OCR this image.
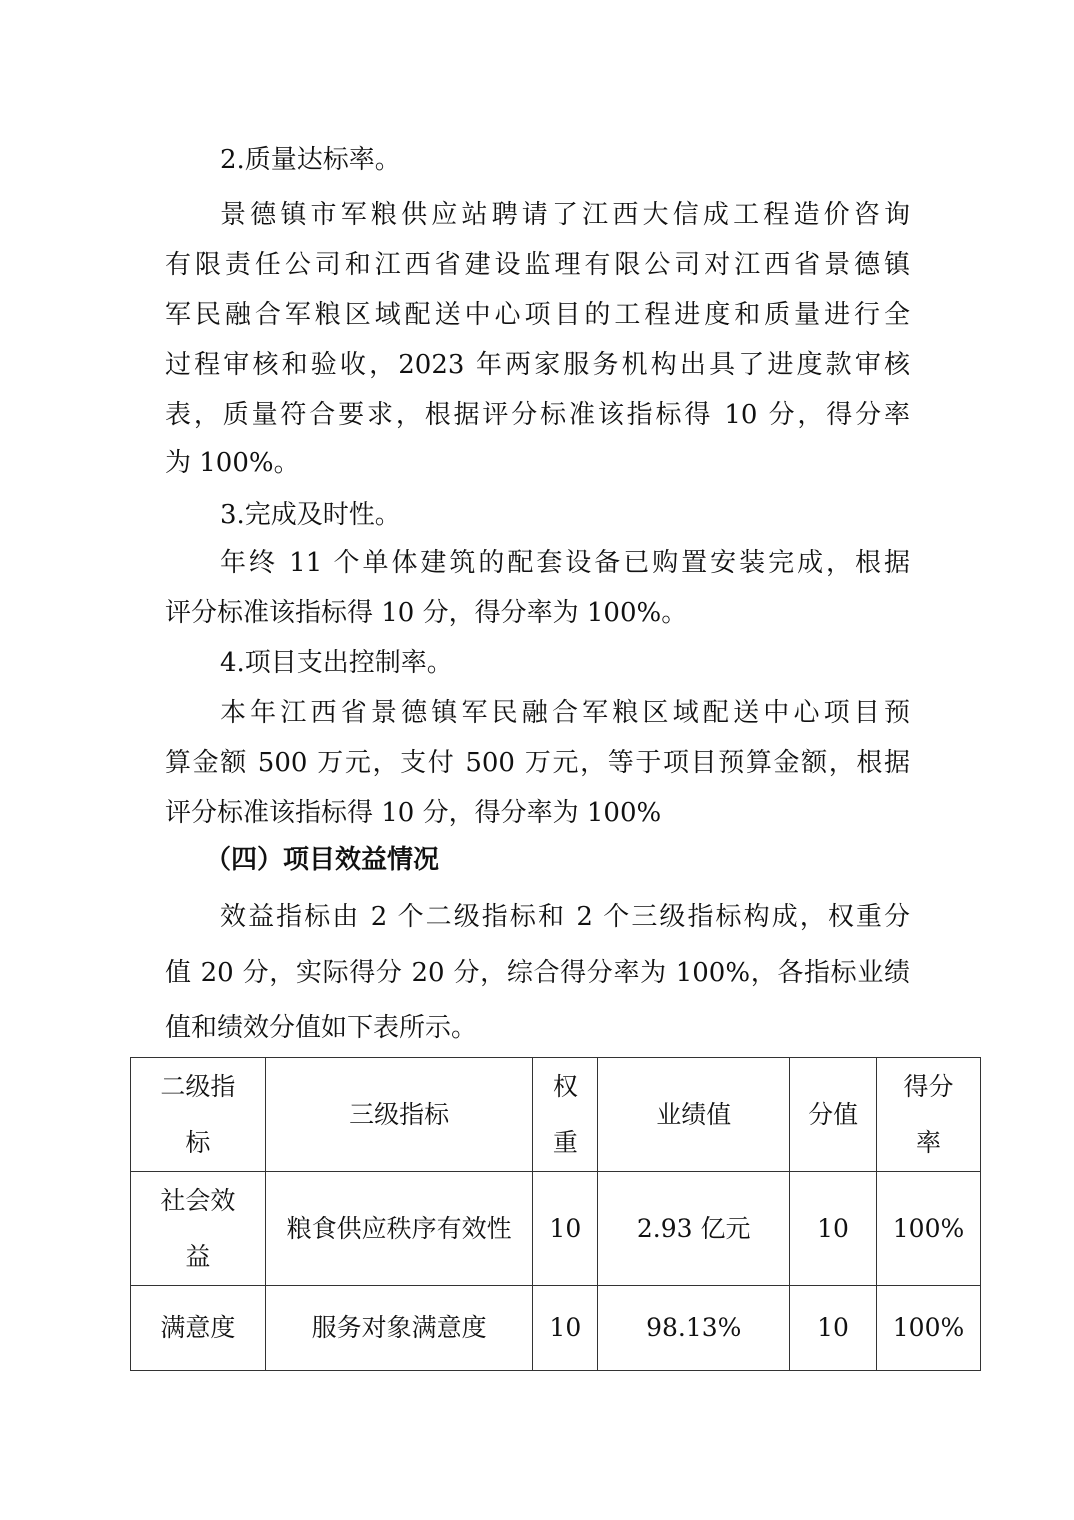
2.质量达标率。
景德镇市军粮供应站聘请了江西大信成工程造价咨询
有限责任公司和江西省建设监理有限公司对江西省景德镇
军民融合军粮区域配送中心项目的工程进度和质量进行全
过程审核和验收，2023 年两家服务机构出具了进度款审核
表，质量符合要求，根据评分标准该指标得 10 分，得分率
为 100%。
3.完成及时性。
年终 11 个单体建筑的配套设备已购置安装完成，根据
评分标准该指标得 10 分，得分率为 100%。
4.项目支出控制率。
本年江西省景德镇军民融合军粮区域配送中心项目预
算金额 500 万元，支付 500 万元，等于项目预算金额，根据
评分标准该指标得 10 分，得分率为 100%
（四）项目效益情况
效益指标由 2 个二级指标和 2 个三级指标构成，权重分
值 20 分，实际得分 20 分，综合得分率为 100%，各指标业绩
值和绩效分值如下表所示。
二级指标	三级指标	权重	业绩值	分值	得分率
社会效益	粮食供应秩序有效性	10	2.93 亿元	10	100%
满意度	服务对象满意度	10	98.13%	10	100%
